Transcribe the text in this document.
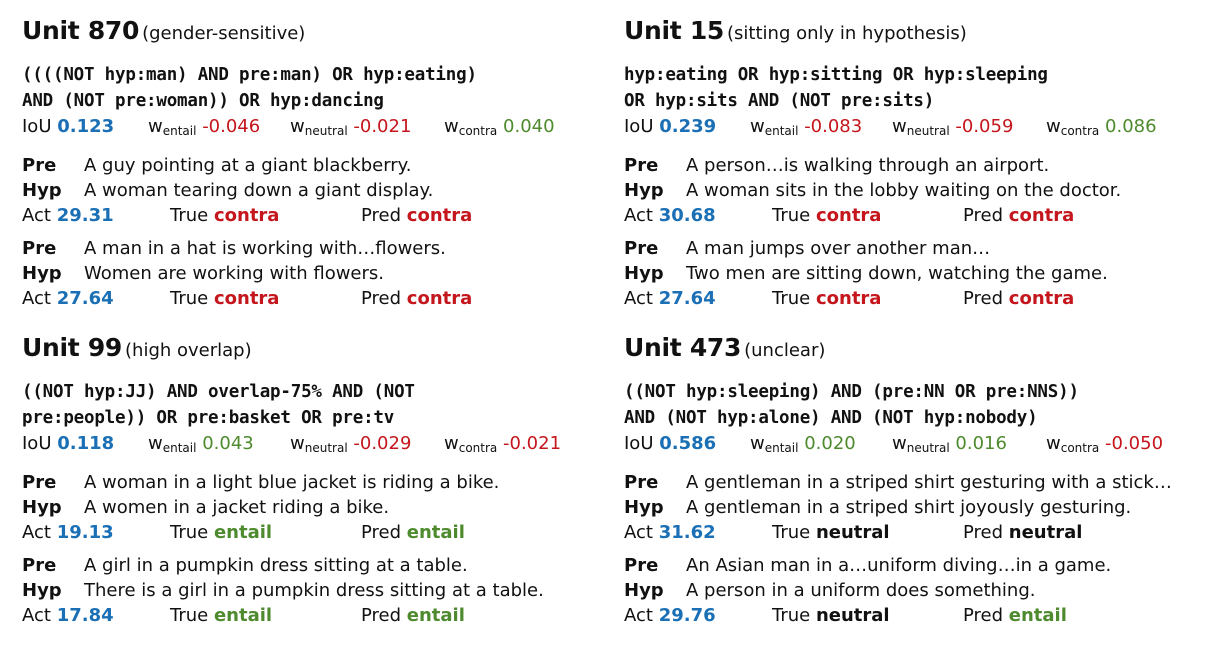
Unit 870 (gender-sensitive)
((((NOT hyp:man) AND pre:man) OR hyp:eating)
AND (NOT pre:woman)) OR hyp:dancing
IoU 0.123 $w_{entail}$ -0.046 $w_{neutral}$ -0.021 $w_{contra}$ 0.040
Pre A guy pointing at a giant blackberry.
Hyp A woman tearing down a giant display.
Act 29.31	True contra	Pred contra
Pre A man in a hat is working with…flowers.
Hyp Women are working with flowers.
Act 27.64	True contra	Pred contra
Unit 15 (sitting only in hypothesis)
hyp:eating OR hyp:sitting OR hyp:sleeping
OR hyp:sits AND (NOT pre:sits)
IoU 0.239 $w_{entail}$ -0.083 $w_{neutral}$ -0.059 $w_{contra}$ 0.086
Pre A person…is walking through an airport.
Hyp A woman sits in the lobby waiting on the doctor.
Act 30.68	True contra	Pred contra
Pre A man jumps over another man…
Hyp Two men are sitting down, watching the game.
Act 27.64	True contra	Pred contra
Unit 99 (high overlap)
((NOT hyp:JJ) AND overlap-75% AND (NOT
pre:people)) OR pre:basket OR pre:tv
IoU 0.118 $w_{entail}$ 0.043 $w_{neutral}$ -0.029 $w_{contra}$ -0.021
Pre A woman in a light blue jacket is riding a bike.
Hyp A women in a jacket riding a bike.
Act 19.13	True entail	Pred entail
Pre A girl in a pumpkin dress sitting at a table.
Hyp There is a girl in a pumpkin dress sitting at a table.
Act 17.84	True entail	Pred entail
Unit 473 (unclear)
((NOT hyp:sleeping) AND (pre:NN OR pre:NNS))
AND (NOT hyp:alone) AND (NOT hyp:nobody)
IoU 0.586 $w_{entail}$ 0.020 $w_{neutral}$ 0.016 $w_{contra}$ -0.050
Pre A gentleman in a striped shirt gesturing with a stick…
Hyp A gentleman in a striped shirt joyously gesturing.
Act 31.62	True neutral	Pred neutral
Pre An Asian man in a…uniform diving…in a game.
Hyp A person in a uniform does something.
Act 29.76	True neutral	Pred entail
